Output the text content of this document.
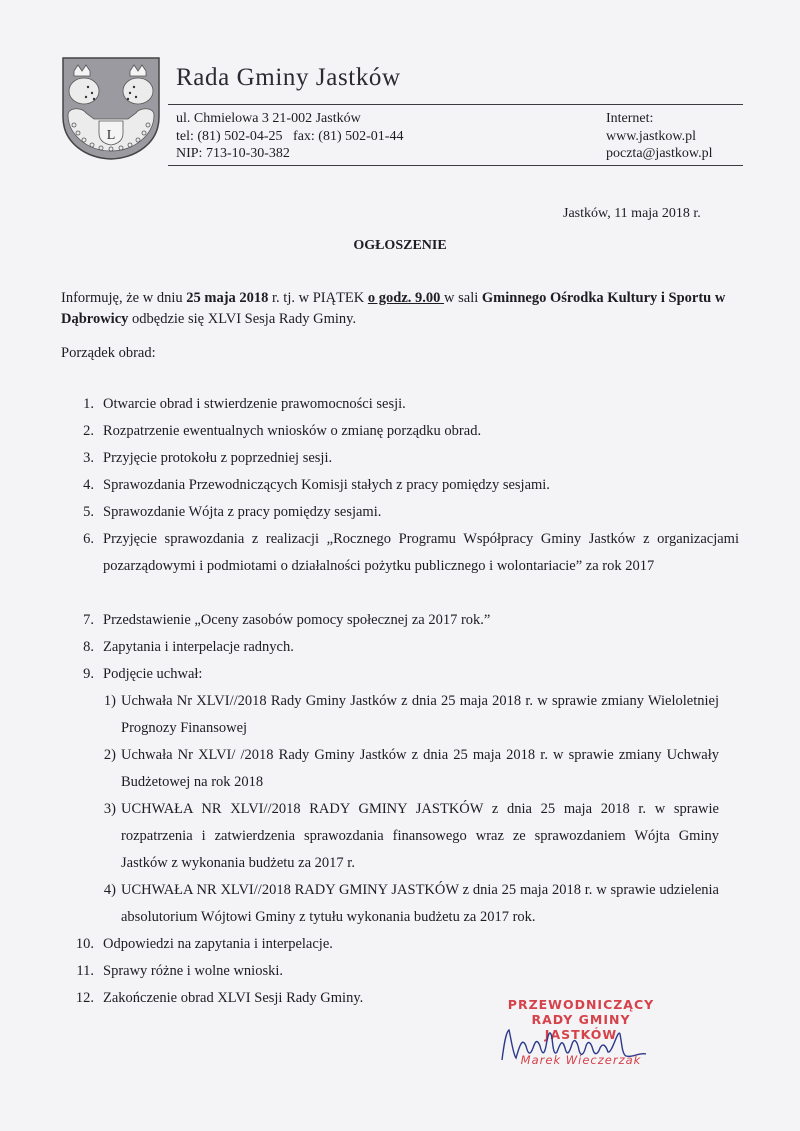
L
Rada Gminy Jastków
ul. Chmielowa 3 21-002 Jastków
tel: (81) 502-04-25   fax: (81) 502-01-44
NIP: 713-10-30-382
Internet:
www.jastkow.pl
poczta@jastkow.pl
Jastków, 11 maja 2018 r.
OGŁOSZENIE
Informuję, że w dniu 25 maja 2018 r. tj. w PIĄTEK o godz. 9.00 w sali Gminnego Ośrodka Kultury i Sportu w Dąbrowicy odbędzie się XLVI Sesja Rady Gminy.
Porządek obrad:
1. Otwarcie obrad i stwierdzenie prawomocności sesji.
2. Rozpatrzenie ewentualnych wniosków o zmianę porządku obrad.
3. Przyjęcie protokołu z poprzedniej sesji.
4. Sprawozdania Przewodniczących Komisji stałych z pracy pomiędzy sesjami.
5. Sprawozdanie Wójta z pracy pomiędzy sesjami.
6. Przyjęcie sprawozdania z realizacji „Rocznego Programu Współpracy Gminy Jastków z organizacjami pozarządowymi i podmiotami o działalności pożytku publicznego i wolontariacie” za rok 2017
7. Przedstawienie „Oceny zasobów pomocy społecznej za 2017 rok.”
8. Zapytania i interpelacje radnych.
9. Podjęcie uchwał:
1) Uchwała Nr XLVI//2018 Rady Gminy Jastków z dnia 25 maja 2018 r. w sprawie zmiany Wieloletniej Prognozy Finansowej
2) Uchwała Nr XLVI/ /2018 Rady Gminy Jastków z dnia 25 maja 2018 r. w sprawie zmiany Uchwały Budżetowej na rok 2018
3) UCHWAŁA NR XLVI//2018 RADY GMINY JASTKÓW z dnia 25 maja 2018 r. w sprawie rozpatrzenia i zatwierdzenia sprawozdania finansowego wraz ze sprawozdaniem Wójta Gminy Jastków z wykonania budżetu za 2017 r.
4) UCHWAŁA NR XLVI//2018 RADY GMINY JASTKÓW z dnia 25 maja 2018 r. w sprawie udzielenia absolutorium Wójtowi Gminy z tytułu wykonania budżetu za 2017 rok.
10. Odpowiedzi na zapytania i interpelacje.
11. Sprawy różne i wolne wnioski.
12. Zakończenie obrad XLVI Sesji Rady Gminy.	PRZEWODNICZĄCY
RADY GMINY JASTKÓW
Marek Wieczerzak
